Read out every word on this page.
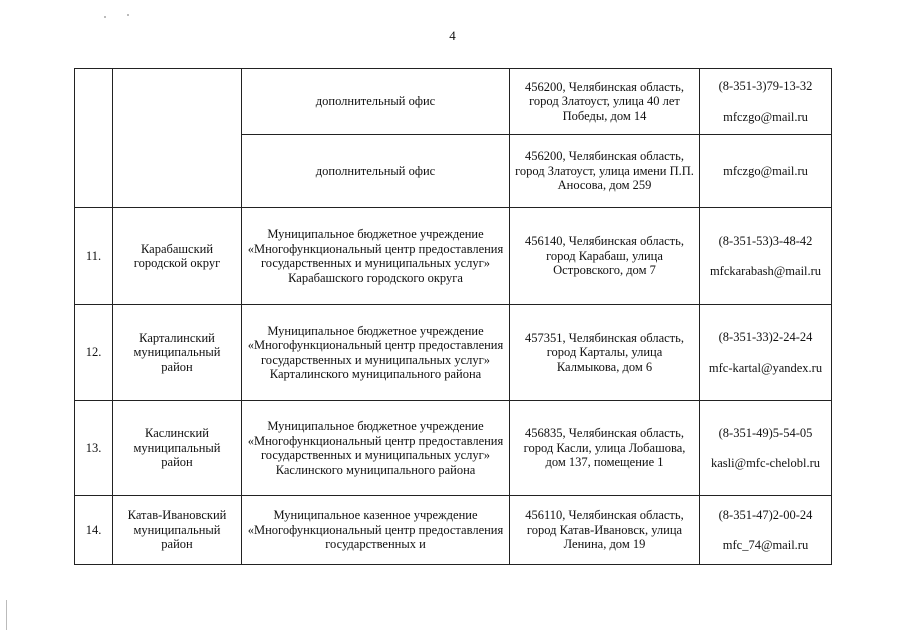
4
		дополнительный офис	456200, Челябинская область, город Златоуст, улица 40 лет Победы, дом 14	(8-351-3)79-13-32
mfczgo@mail.ru

		дополнительный офис	456200, Челябинская область, город Златоуст, улица имени П.П. Аносова, дом 259	mfczgo@mail.ru

11.	Карабашский городской округ	Муниципальное бюджетное учреждение «Многофункциональный центр предоставления государственных и муниципальных услуг» Карабашского городского округа	456140, Челябинская область, город Карабаш, улица Островского, дом 7	(8-351-53)3-48-42
mfckarabash@mail.ru

12.	Карталинский муниципальный район	Муниципальное бюджетное учреждение «Многофункциональный центр предоставления государственных и муниципальных услуг» Карталинского муниципального района	457351, Челябинская область, город Карталы, улица Калмыкова, дом 6	(8-351-33)2-24-24
mfc-kartal@yandex.ru

13.	Каслинский муниципальный район	Муниципальное бюджетное учреждение «Многофункциональный центр предоставления государственных и муниципальных услуг» Каслинского муниципального района	456835, Челябинская область, город Касли, улица Лобашова, дом 137, помещение 1	(8-351-49)5-54-05
kasli@mfc-chelobl.ru

14.	Катав-Ивановский муниципальный район	Муниципальное казенное учреждение «Многофункциональный центр предоставления государственных и	456110, Челябинская область, город Катав-Ивановск, улица Ленина, дом 19	(8-351-47)2-00-24
mfc_74@mail.ru
